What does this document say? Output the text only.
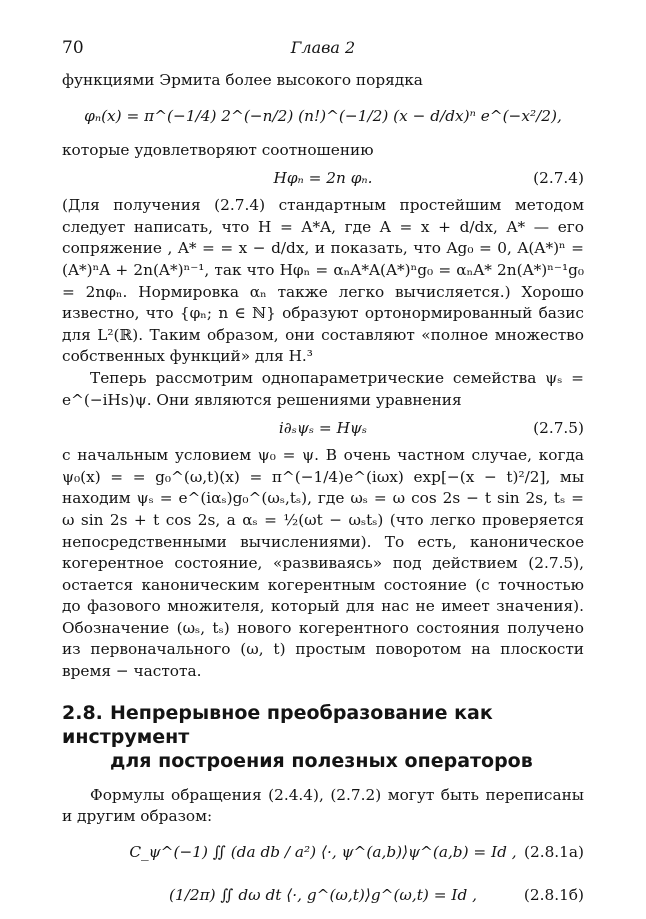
70	Глава 2

функциями Эрмита более высокого порядка

φₙ(x) = π^(−1/4) 2^(−n/2) (n!)^(−1/2) (x − d/dx)ⁿ e^(−x²/2),

которые удовлетворяют соотношению

Hφₙ = 2n φₙ.	(2.7.4)

(Для получения (2.7.4) стандартным простейшим методом следует написать, что H = A*A, где A = x + d/dx, A* — его сопряжение , A* = = x − d/dx, и показать, что Ag₀ = 0, A(A*)ⁿ = (A*)ⁿA + 2n(A*)ⁿ⁻¹, так что Hφₙ = αₙA*A(A*)ⁿg₀ = αₙA* 2n(A*)ⁿ⁻¹g₀ = 2nφₙ. Нормировка αₙ также легко вычисляется.) Хорошо известно, что {φₙ; n ∈ ℕ} образуют ортонормированный базис для L²(ℝ). Таким образом, они составляют «полное множество собственных функций» для H.³

Теперь рассмотрим однопараметрические семейства ψₛ = e^(−iHs)ψ. Они являются решениями уравнения

i∂ₛψₛ = Hψₛ	(2.7.5)

с начальным условием ψ₀ = ψ. В очень частном случае, когда ψ₀(x) = = g₀^(ω,t)(x) = π^(−1/4)e^(iωx) exp[−(x − t)²/2], мы находим ψₛ = e^(iαₛ)g₀^(ωₛ,tₛ), где ωₛ = ω cos 2s − t sin 2s, tₛ = ω sin 2s + t cos 2s, а αₛ = ½(ωt − ωₛtₛ) (что легко проверяется непосредственными вычислениями). То есть, каноническое когерентное состояние, «развиваясь» под действием (2.7.5), остается каноническим когерентным состояние (с точностью до фазового множителя, который для нас не имеет значения). Обозначение (ωₛ, tₛ) нового когерентного состояния получено из первоначального (ω, t) простым поворотом на плоскости время − частота.

2.8. Непрерывное преобразование как инструмент
для построения полезных операторов

Формулы обращения (2.4.4), (2.7.2) могут быть переписаны и другим образом:

C_ψ^(−1) ∬ (da db / a²) ⟨·, ψ^(a,b)⟩ψ^(a,b) = Id , (2.8.1а)
(1/2π) ∬ dω dt ⟨·, g^(ω,t)⟩g^(ω,t) = Id ,	(2.8.1б)
